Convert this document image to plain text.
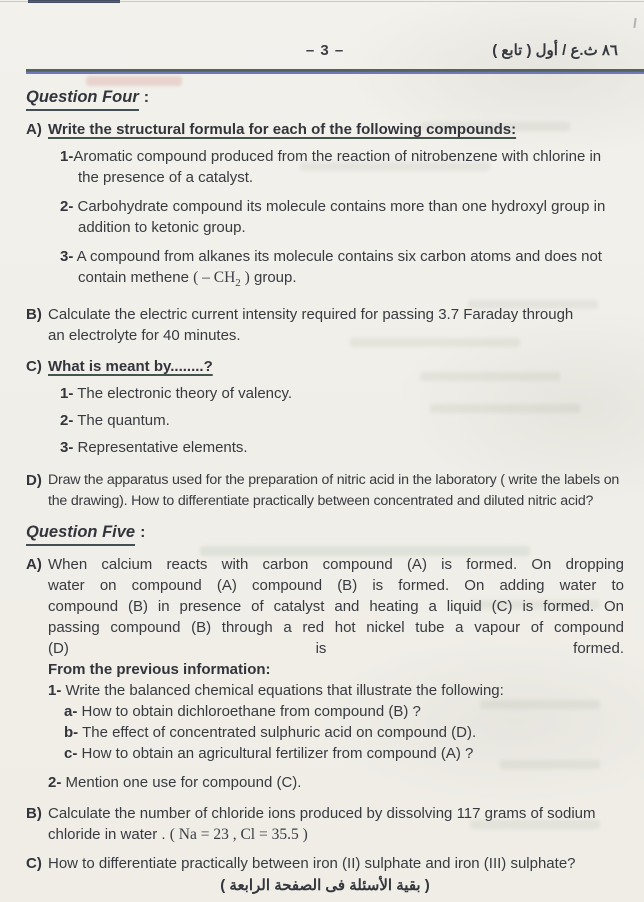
– 3 –	٨٦ ث.ع / أول ( تابع )
Question Four :
A) Write the structural formula for each of the following compounds:
1-Aromatic compound produced from the reaction of nitrobenzene with chlorine in the presence of a catalyst.
2- Carbohydrate compound its molecule contains more than one hydroxyl group in addition to ketonic group.
3- A compound from alkanes its molecule contains six carbon atoms and does not contain methene ( – $CH_2$ ) group.
B) Calculate the electric current intensity required for passing 3.7 Faraday through an electrolyte for 40 minutes.
C) What is meant by........?
1- The electronic theory of valency.
2- The quantum.
3- Representative elements.
D) Draw the apparatus used for the preparation of nitric acid in the laboratory ( write the labels on the drawing). How to differentiate practically between concentrated and diluted nitric acid?
Question Five :
A) When calcium reacts with carbon compound (A) is formed. On dropping
water on compound (A) compound (B) is formed. On adding water to
compound (B) in presence of catalyst and heating a liquid (C) is formed. On
passing compound (B) through a red hot nickel tube a vapour of compound
(D) is formed.
From the previous information:
1- Write the balanced chemical equations that illustrate the following:
a- How to obtain dichloroethane from compound (B) ?
b- The effect of concentrated sulphuric acid on compound (D).
c- How to obtain an agricultural fertilizer from compound (A) ?
2- Mention one use for compound (C).
B) Calculate the number of chloride ions produced by dissolving 117 grams of sodium chloride in water . ( Na = 23 , Cl = 35.5 )
C) How to differentiate practically between iron (II) sulphate and iron (III) sulphate?
( بقية الأسئلة فى الصفحة الرابعة )
